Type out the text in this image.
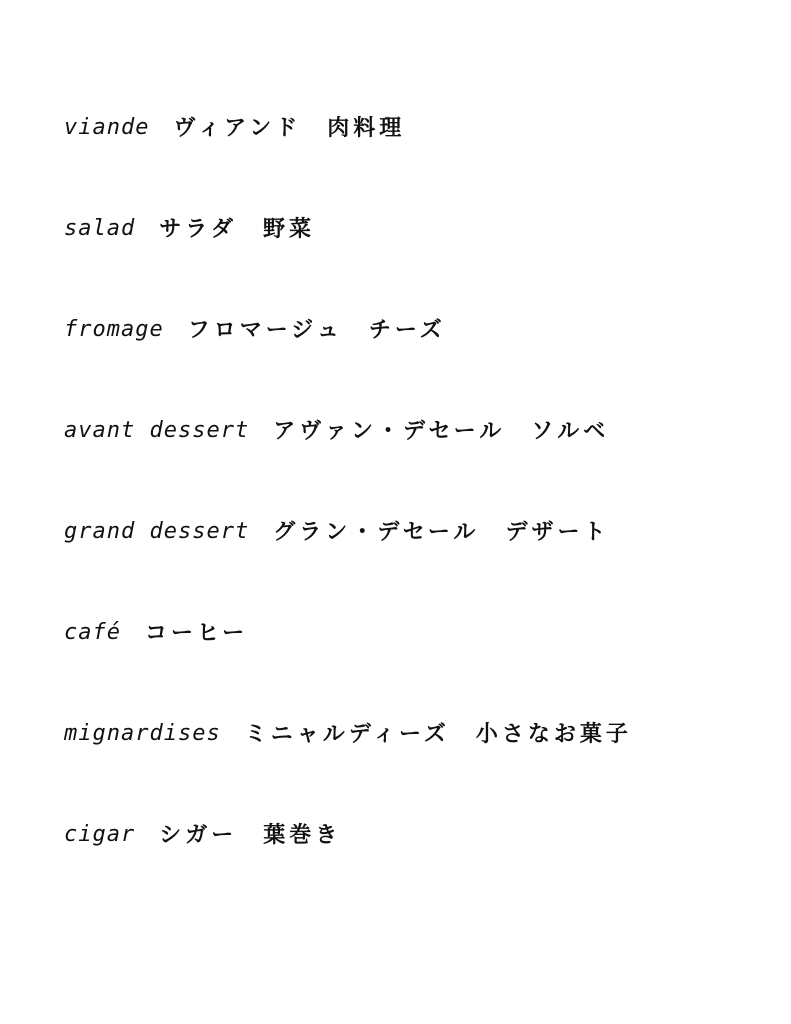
viande ヴィアンド 肉料理
salad サラダ 野菜
fromage フロマージュ チーズ
avant dessert アヴァン・デセール ソルベ
grand dessert グラン・デセール デザート
café コーヒー
mignardises ミニャルディーズ 小さなお菓子
cigar シガー 葉巻き
